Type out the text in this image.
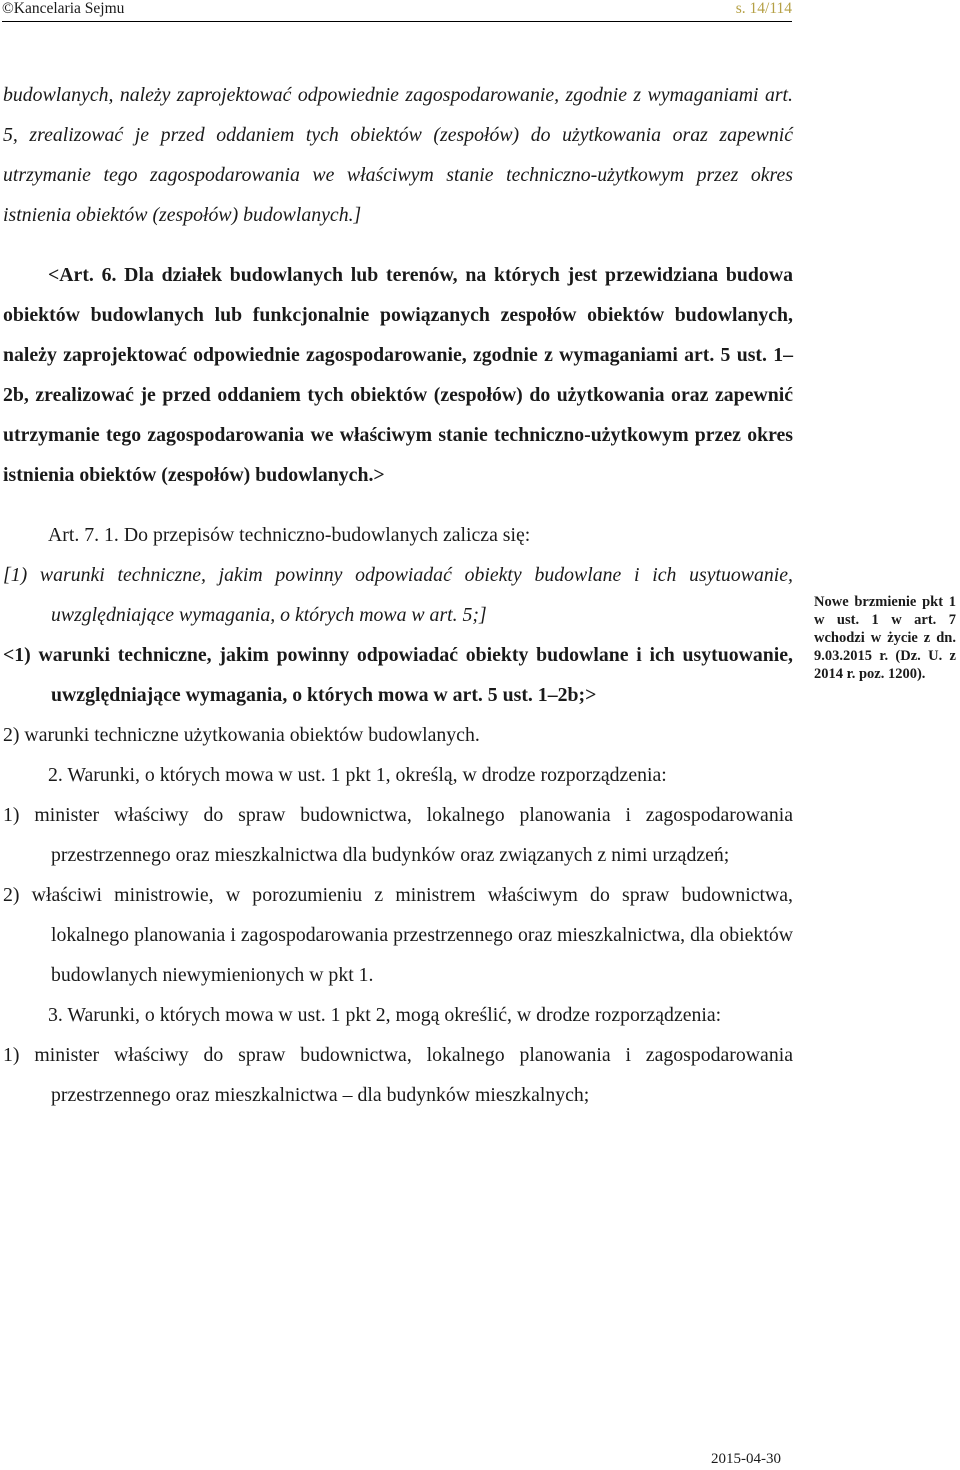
©Kancelaria Sejmu	s. 14/114

budowlanych, należy zaprojektować odpowiednie zagospodarowanie, zgodnie z wymaganiami art. 5, zrealizować je przed oddaniem tych obiektów (zespołów) do użytkowania oraz zapewnić utrzymanie tego zagospodarowania we właściwym stanie techniczno-użytkowym przez okres istnienia obiektów (zespołów) budowlanych.]

<Art. 6. Dla działek budowlanych lub terenów, na których jest przewidziana budowa obiektów budowlanych lub funkcjonalnie powiązanych zespołów obiektów budowlanych, należy zaprojektować odpowiednie zagospodarowanie, zgodnie z wymaganiami art. 5 ust. 1–2b, zrealizować je przed oddaniem tych obiektów (zespołów) do użytkowania oraz zapewnić utrzymanie tego zagospodarowania we właściwym stanie techniczno-użytkowym przez okres istnienia obiektów (zespołów) budowlanych.>

Art. 7. 1. Do przepisów techniczno-budowlanych zalicza się:

[1) warunki techniczne, jakim powinny odpowiadać obiekty budowlane i ich usytuowanie, uwzględniające wymagania, o których mowa w art. 5;]

<1) warunki techniczne, jakim powinny odpowiadać obiekty budowlane i ich usytuowanie, uwzględniające wymagania, o których mowa w art. 5 ust. 1–2b;>

2) warunki techniczne użytkowania obiektów budowlanych.

2. Warunki, o których mowa w ust. 1 pkt 1, określą, w drodze rozporządzenia:

1) minister właściwy do spraw budownictwa, lokalnego planowania i zagospodarowania przestrzennego oraz mieszkalnictwa dla budynków oraz związanych z nimi urządzeń;

2) właściwi ministrowie, w porozumieniu z ministrem właściwym do spraw budownictwa, lokalnego planowania i zagospodarowania przestrzennego oraz mieszkalnictwa, dla obiektów budowlanych niewymienionych w pkt 1.

3. Warunki, o których mowa w ust. 1 pkt 2, mogą określić, w drodze rozporządzenia:

1) minister właściwy do spraw budownictwa, lokalnego planowania i zagospodarowania przestrzennego oraz mieszkalnictwa – dla budynków mieszkalnych;

Nowe brzmienie pkt 1 w ust. 1 w art. 7 wchodzi w życie z dn. 9.03.2015 r. (Dz. U. z 2014 r. poz. 1200).
2015-04-30
